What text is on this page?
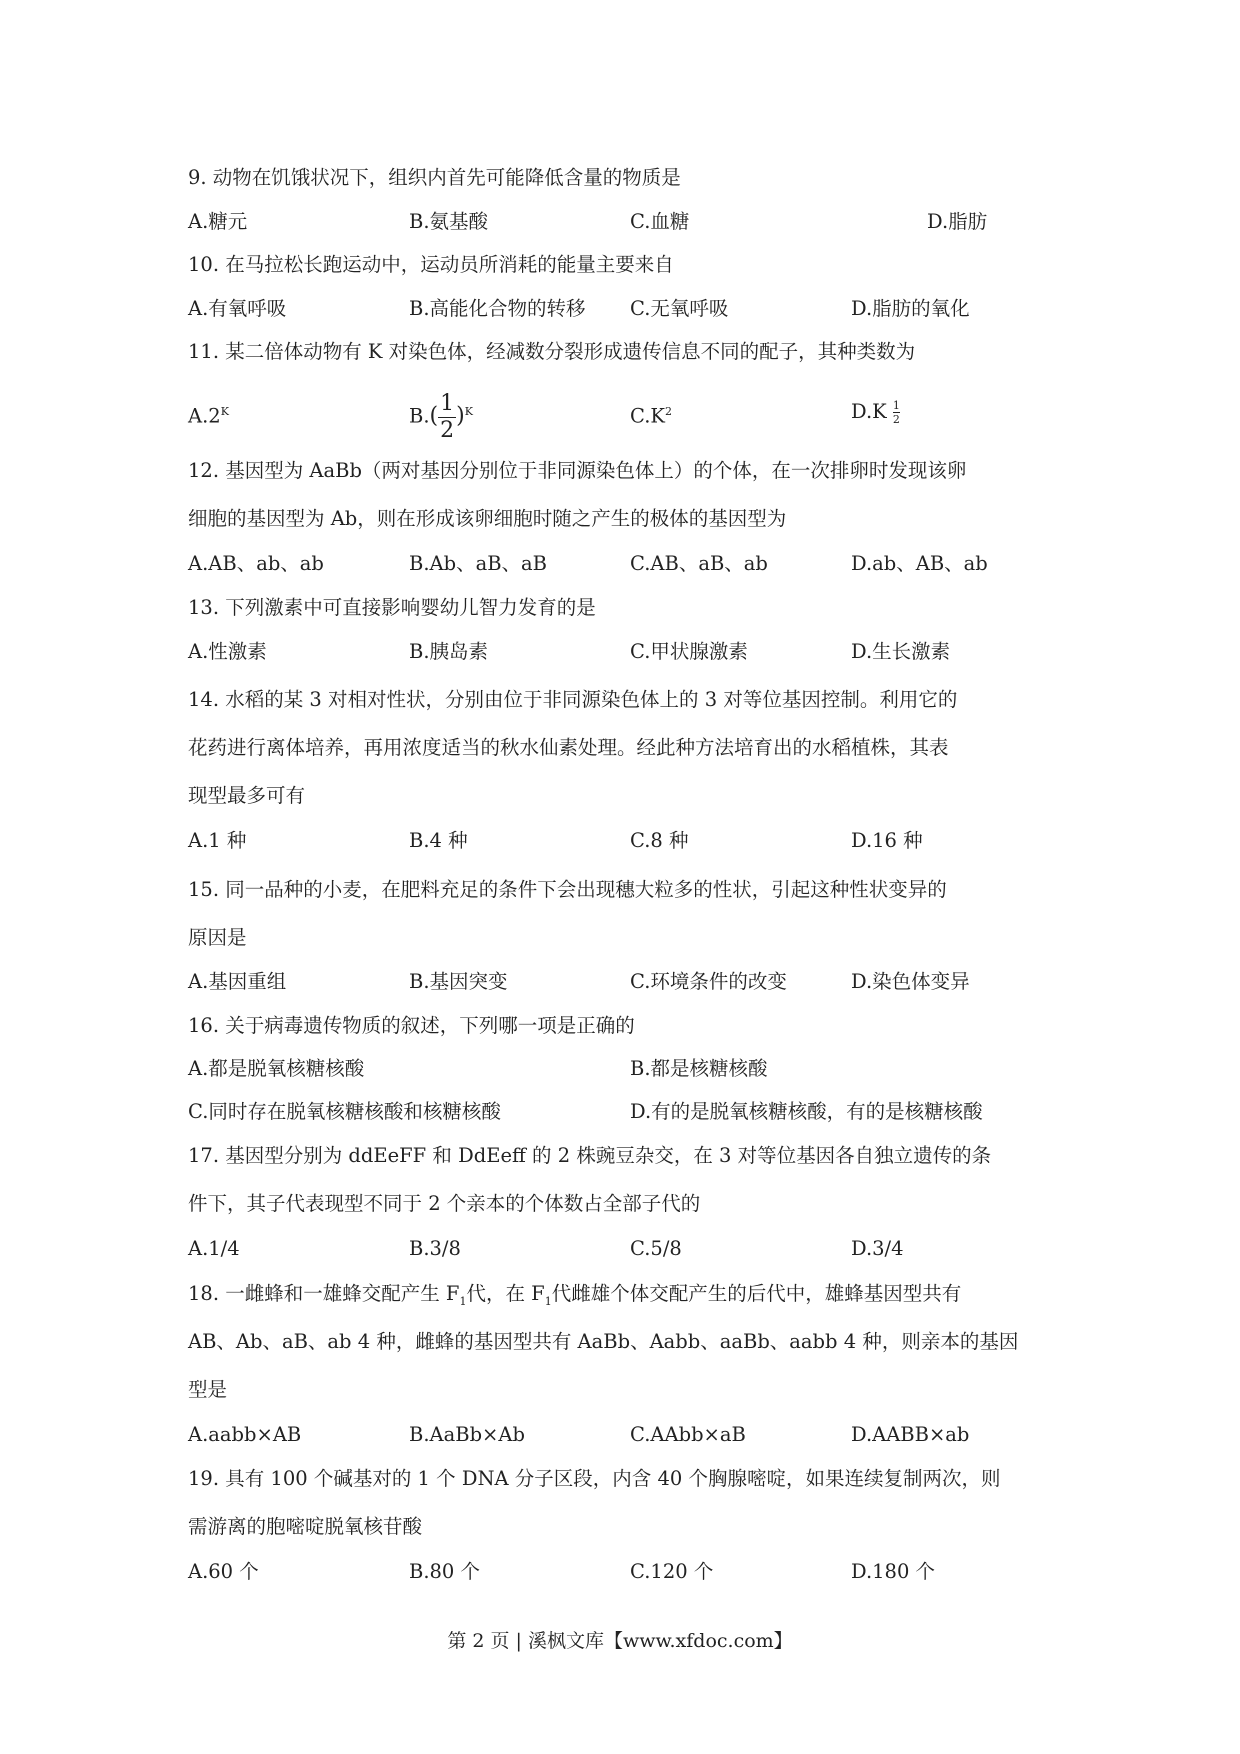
9. 动物在饥饿状况下，组织内首先可能降低含量的物质是
A.糖元	B.氨基酸	C.血糖	D.脂肪
10. 在马拉松长跑运动中，运动员所消耗的能量主要来自
A.有氧呼吸	B.高能化合物的转移 C.无氧呼吸	D.脂肪的氧化
11. 某二倍体动物有 K 对染色体，经减数分裂形成遗传信息不同的配子，其种类数为
$A.2^K$	$B.( \frac{1}{2} )^K$	$C.K^2$	$D.K \frac{1}{2}$
12. 基因型为 AaBb（两对基因分别位于非同源染色体上）的个体，在一次排卵时发现该卵
细胞的基因型为 Ab，则在形成该卵细胞时随之产生的极体的基因型为
A.AB、ab、ab	B.Ab、aB、aB	C.AB、aB、ab	D.ab、AB、ab
13. 下列激素中可直接影响婴幼儿智力发育的是
A.性激素	B.胰岛素	C.甲状腺激素	D.生长激素
14. 水稻的某 3 对相对性状，分别由位于非同源染色体上的 3 对等位基因控制。利用它的
花药进行离体培养，再用浓度适当的秋水仙素处理。经此种方法培育出的水稻植株，其表
现型最多可有
A.1 种	B.4 种	C.8 种	D.16 种
15. 同一品种的小麦，在肥料充足的条件下会出现穗大粒多的性状，引起这种性状变异的
原因是
A.基因重组	B.基因突变	C.环境条件的改变	D.染色体变异
16. 关于病毒遗传物质的叙述，下列哪一项是正确的
A.都是脱氧核糖核酸	B.都是核糖核酸
C.同时存在脱氧核糖核酸和核糖核酸	D.有的是脱氧核糖核酸，有的是核糖核酸
17. 基因型分别为 ddEeFF 和 DdEeff 的 2 株豌豆杂交，在 3 对等位基因各自独立遗传的条
件下，其子代表现型不同于 2 个亲本的个体数占全部子代的
A.1/4	B.3/8	C.5/8	D.3/4
18. 一雌蜂和一雄蜂交配产生 $F_1$代，在 $F_1$代雌雄个体交配产生的后代中，雄蜂基因型共有
AB、Ab、aB、ab 4 种，雌蜂的基因型共有 AaBb、Aabb、aaBb、aabb 4 种，则亲本的基因
型是
A.aabb×AB	B.AaBb×Ab	C.AAbb×aB	D.AABB×ab
19. 具有 100 个碱基对的 1 个 DNA 分子区段，内含 40 个胸腺嘧啶，如果连续复制两次，则
需游离的胞嘧啶脱氧核苷酸
A.60 个	B.80 个	C.120 个	D.180 个
第 2 页 | 溪枫文库【www.xfdoc.com】
